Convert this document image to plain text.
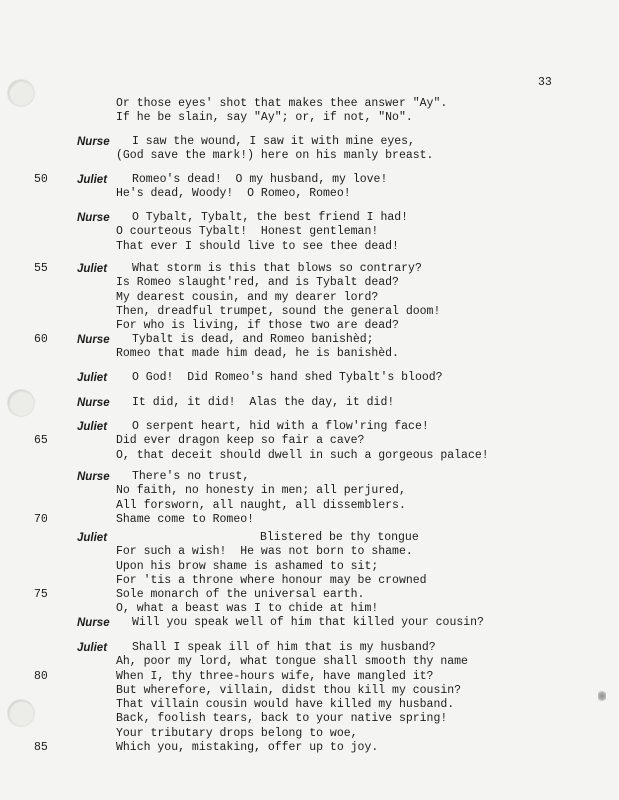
33
Or those eyes' shot that makes thee answer "Ay".
If he be slain, say "Ay"; or, if not, "No".
Nurse I saw the wound, I saw it with mine eyes,
(God save the mark!) here on his manly breast.
50	Juliet Romeo's dead!  O my husband, my love!
He's dead, Woody!  O Romeo, Romeo!
Nurse O Tybalt, Tybalt, the best friend I had!
O courteous Tybalt!  Honest gentleman!
That ever I should live to see thee dead!
55	Juliet What storm is this that blows so contrary?
Is Romeo slaught'red, and is Tybalt dead?
My dearest cousin, and my dearer lord?
Then, dreadful trumpet, sound the general doom!
For who is living, if those two are dead?
60	Nurse Tybalt is dead, and Romeo banishèd;
Romeo that made him dead, he is banishèd.
Juliet O God!  Did Romeo's hand shed Tybalt's blood?
Nurse It did, it did!  Alas the day, it did!
Juliet O serpent heart, hid with a flow'ring face!
65	Did ever dragon keep so fair a cave?
O, that deceit should dwell in such a gorgeous palace!
Nurse There's no trust,
No faith, no honesty in men; all perjured,
All forsworn, all naught, all dissemblers.
70	Shame come to Romeo!
Juliet	Blistered be thy tongue
For such a wish!  He was not born to shame.
Upon his brow shame is ashamed to sit;
For 'tis a throne where honour may be crowned
75	Sole monarch of the universal earth.
O, what a beast was I to chide at him!
Nurse Will you speak well of him that killed your cousin?
Juliet Shall I speak ill of him that is my husband?
Ah, poor my lord, what tongue shall smooth thy name
80	When I, thy three-hours wife, have mangled it?
But wherefore, villain, didst thou kill my cousin?
That villain cousin would have killed my husband.
Back, foolish tears, back to your native spring!
Your tributary drops belong to woe,
85	Which you, mistaking, offer up to joy.
